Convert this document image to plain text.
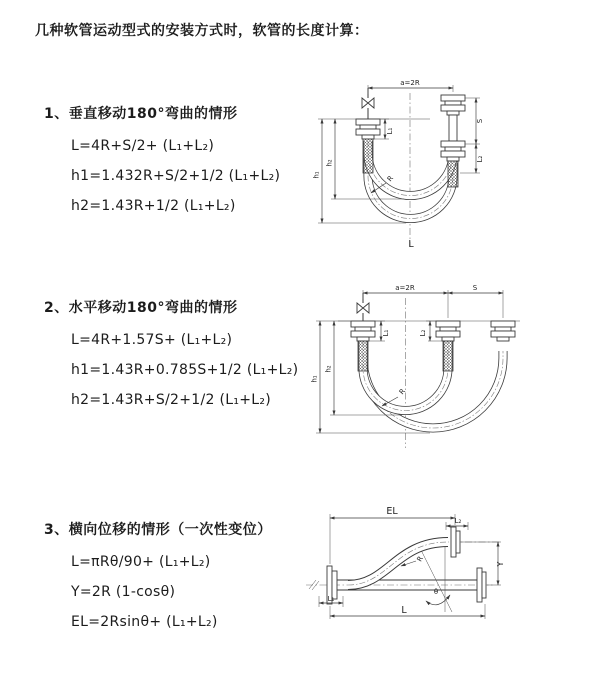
几种软管运动型式的安装方式时，软管的长度计算：
1、垂直移动180°弯曲的情形
L=4R+S/2+ (L₁+L₂)
h1=1.432R+S/2+1/2 (L₁+L₂)
h2=1.43R+1/2 (L₁+L₂)
2、水平移动180°弯曲的情形
L=4R+1.57S+ (L₁+L₂)
h1=1.43R+0.785S+1/2 (L₁+L₂)
h2=1.43R+S/2+1/2 (L₁+L₂)
3、横向位移的情形（一次性变位）
L=πRθ/90+ (L₁+L₂)
Y=2R (1-cosθ)
EL=2Rsinθ+ (L₁+L₂)
a=2R
L₁
S
L₂
h₁
h₂
R
L
a=2R	S
L₁	L₂
h₁
h₂
R
θ
EL
L₂
Y
L
L₁
R
